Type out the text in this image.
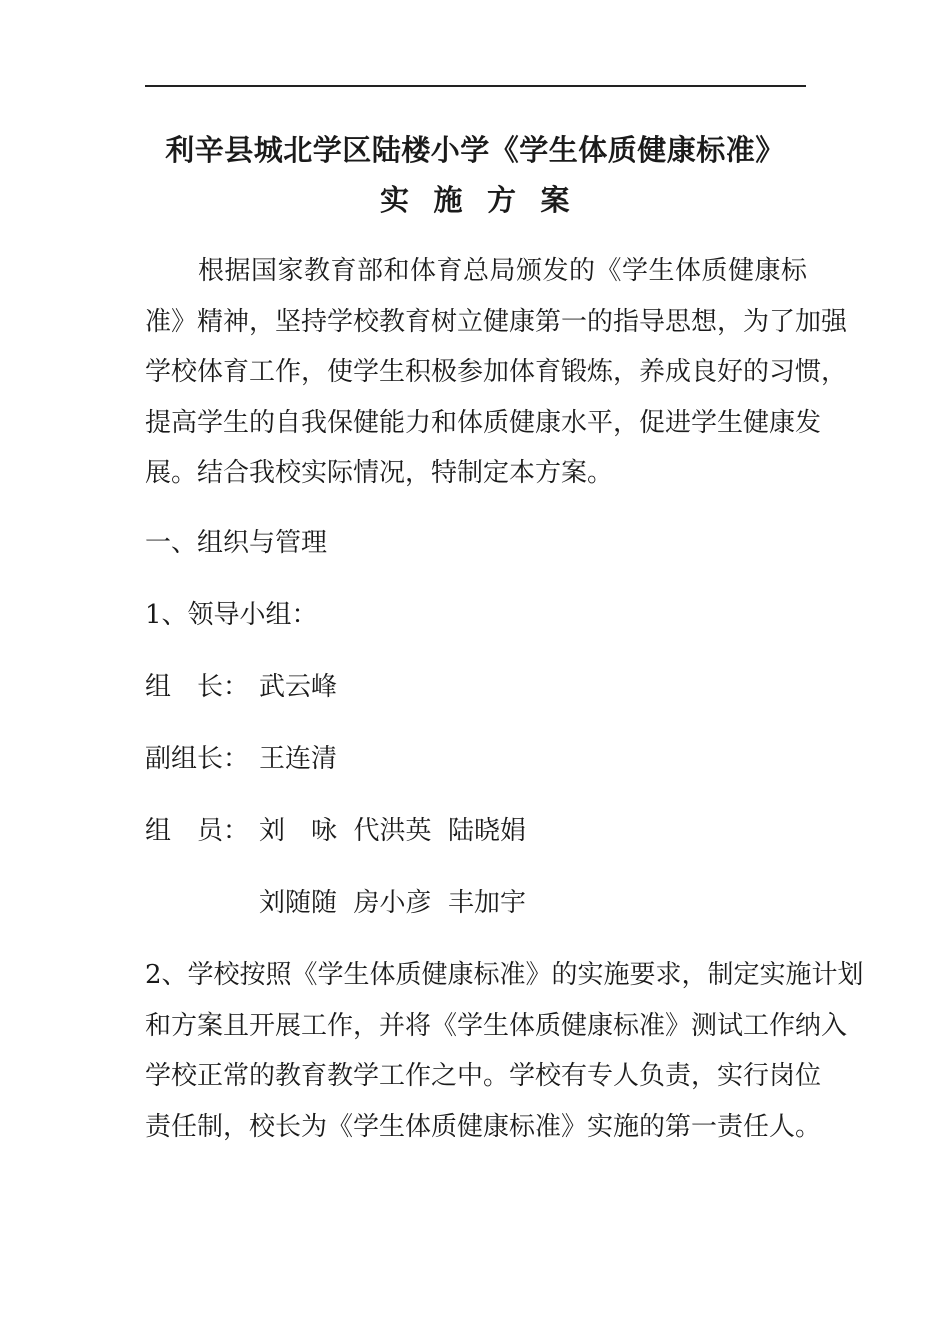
利辛县城北学区陆楼小学《学生体质健康标准》
实 施 方 案
　　根据国家教育部和体育总局颁发的《学生体质健康标
准》精神，坚持学校教育树立健康第一的指导思想，为了加强
学校体育工作，使学生积极参加体育锻炼，养成良好的习惯，
提高学生的自我保健能力和体质健康水平，促进学生健康发
展。结合我校实际情况，特制定本方案。
一、组织与管理
1、领导小组：
组　长： 武云峰
副组长： 王连清
组　员： 刘　咏  代洪英  陆晓娟
刘随随  房小彦  丰加宇
2、学校按照《学生体质健康标准》的实施要求，制定实施计划
和方案且开展工作，并将《学生体质健康标准》测试工作纳入
学校正常的教育教学工作之中。学校有专人负责，实行岗位
责任制，校长为《学生体质健康标准》实施的第一责任人。
